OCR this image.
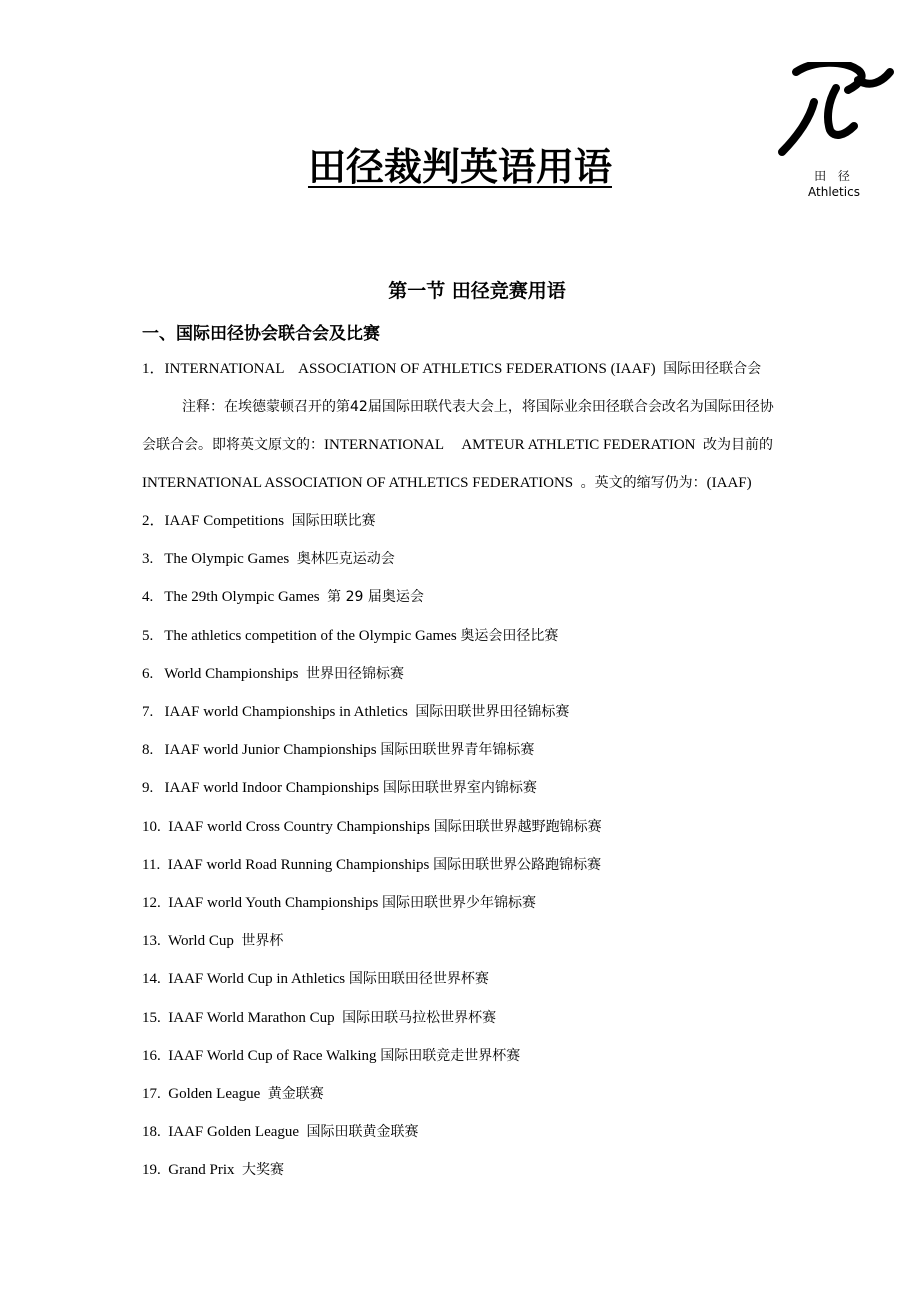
田 径
Athletics
田径裁判英语用语
第一节 田径竞赛用语
一、国际田径协会联合会及比赛
1．INTERNATIONAL    ASSOCIATION OF ATHLETICS FEDERATIONS (IAAF) 国际田径联合会
注释：在埃德蒙顿召开的第42届国际田联代表大会上，将国际业余田径联合会改名为国际田径协
会联合会。即将英文原文的：INTERNATIONAL     AMTEUR ATHLETIC FEDERATION 改为目前的
INTERNATIONAL ASSOCIATION OF ATHLETICS FEDERATIONS  。英文的缩写仍为：(IAAF)
2．IAAF Competitions  国际田联比赛
3.   The Olympic Games  奥林匹克运动会
4.   The 29th Olympic Games  第 29 届奥运会
5.   The athletics competition of the Olympic Games 奥运会田径比赛
6.   World Championships  世界田径锦标赛
7.   IAAF world Championships in Athletics  国际田联世界田径锦标赛
8.   IAAF world Junior Championships 国际田联世界青年锦标赛
9.   IAAF world Indoor Championships 国际田联世界室内锦标赛
10.  IAAF world Cross Country Championships 国际田联世界越野跑锦标赛
11.  IAAF world Road Running Championships 国际田联世界公路跑锦标赛
12.  IAAF world Youth Championships 国际田联世界少年锦标赛
13.  World Cup  世界杯
14.  IAAF World Cup in Athletics 国际田联田径世界杯赛
15.  IAAF World Marathon Cup  国际田联马拉松世界杯赛
16.  IAAF World Cup of Race Walking 国际田联竞走世界杯赛
17.  Golden League  黄金联赛
18.  IAAF Golden League  国际田联黄金联赛
19.  Grand Prix  大奖赛
